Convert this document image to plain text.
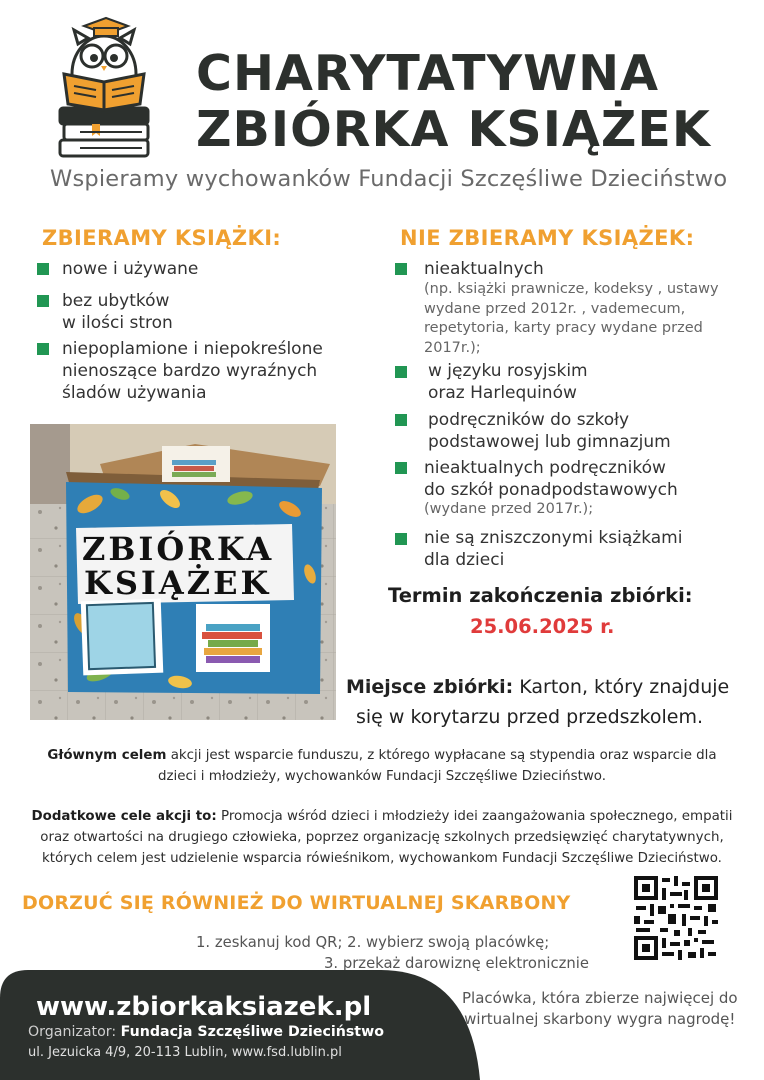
CHARYTATYWNA
ZBIÓRKA KSIĄŻEK
Wspieramy wychowanków Fundacji Szczęśliwe Dzieciństwo
ZBIERAMY KSIĄŻKI:
nowe i używane
bez ubytków
w ilości stron
niepoplamione i niepokreślone
nienoszące bardzo wyraźnych
śladów używania
NIE ZBIERAMY KSIĄŻEK:
nieaktualnych
(np. książki prawnicze, kodeksy , ustawy
wydane przed 2012r. , vademecum,
repetytoria, karty pracy wydane przed
2017r.);
w języku rosyjskim
oraz Harlequinów
podręczników do szkoły
podstawowej lub gimnazjum
nieaktualnych podręczników
do szkół ponadpodstawowych
(wydane przed 2017r.);
nie są zniszczonymi książkami
dla dzieci
ZBIÓRKA
KSIĄŻEK	Termin zakończenia zbiórki:
25.06.2025 r.
Miejsce zbiórki: Karton, który znajduje
się w korytarzu przed przedszkolem.
Głównym celem akcji jest wsparcie funduszu, z którego wypłacane są stypendia oraz wsparcie dla
dzieci i młodzieży, wychowanków Fundacji Szczęśliwe Dzieciństwo.
Dodatkowe cele akcji to: Promocja wśród dzieci i młodzieży idei zaangażowania społecznego, empatii
oraz otwartości na drugiego człowieka, poprzez organizację szkolnych przedsięwzięć charytatywnych,
których celem jest udzielenie wsparcia rówieśnikom, wychowankom Fundacji Szczęśliwe Dzieciństwo.
DORZUĆ SIĘ RÓWNIEŻ DO WIRTUALNEJ SKARBONY
1. zeskanuj kod QR; 2. wybierz swoją placówkę;
3. przekaż darowiznę elektronicznie
www.zbiorkaksiazek.pl
Organizator: Fundacja Szczęśliwe Dzieciństwo
ul. Jezuicka 4/9, 20-113 Lublin, www.fsd.lublin.pl
Placówka, która zbierze najwięcej do
wirtualnej skarbony wygra nagrodę!
